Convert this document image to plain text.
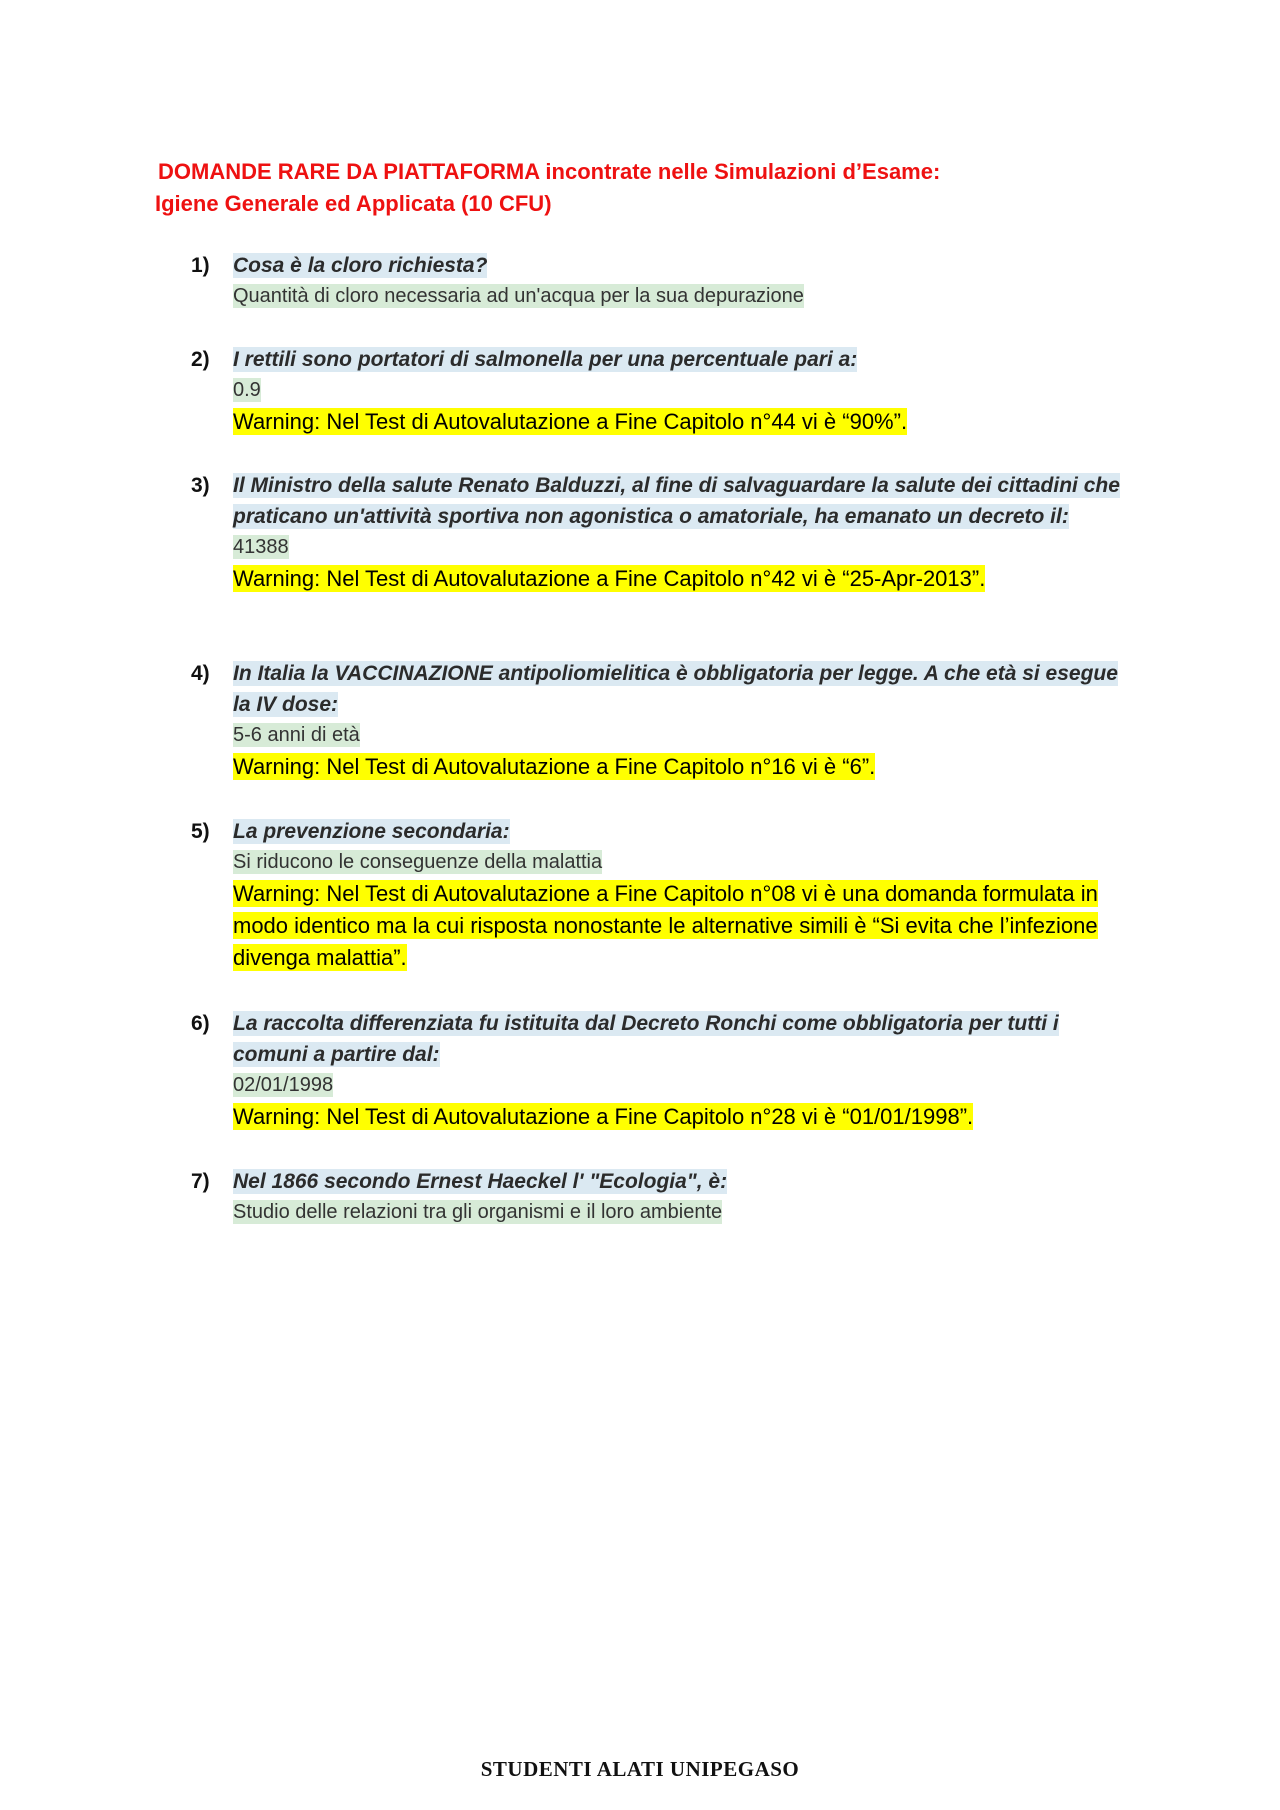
DOMANDE RARE DA PIATTAFORMA incontrate nelle Simulazioni d’Esame:
Igiene Generale ed Applicata (10 CFU)
1) Cosa è la cloro richiesta?
Quantità di cloro necessaria ad un'acqua per la sua depurazione
2) I rettili sono portatori di salmonella per una percentuale pari a:
0.9
Warning: Nel Test di Autovalutazione a Fine Capitolo n°44 vi è “90%”.
3) Il Ministro della salute Renato Balduzzi, al fine di salvaguardare la salute dei cittadini che praticano un'attività sportiva non agonistica o amatoriale, ha emanato un decreto il:
41388
Warning: Nel Test di Autovalutazione a Fine Capitolo n°42 vi è “25-Apr-2013”.
4) In Italia la VACCINAZIONE antipoliomielitica è obbligatoria per legge. A che età si esegue la IV dose:
5-6 anni di età
Warning: Nel Test di Autovalutazione a Fine Capitolo n°16 vi è “6”.
5) La prevenzione secondaria:
Si riducono le conseguenze della malattia
Warning: Nel Test di Autovalutazione a Fine Capitolo n°08 vi è una domanda formulata in modo identico ma la cui risposta nonostante le alternative simili è “Si evita che l’infezione divenga malattia”.
6) La raccolta differenziata fu istituita dal Decreto Ronchi come obbligatoria per tutti i comuni a partire dal:
02/01/1998
Warning: Nel Test di Autovalutazione a Fine Capitolo n°28 vi è “01/01/1998”.
7) Nel 1866 secondo Ernest Haeckel l' "Ecologia", è:
Studio delle relazioni tra gli organismi e il loro ambiente
STUDENTI ALATI UNIPEGASO
